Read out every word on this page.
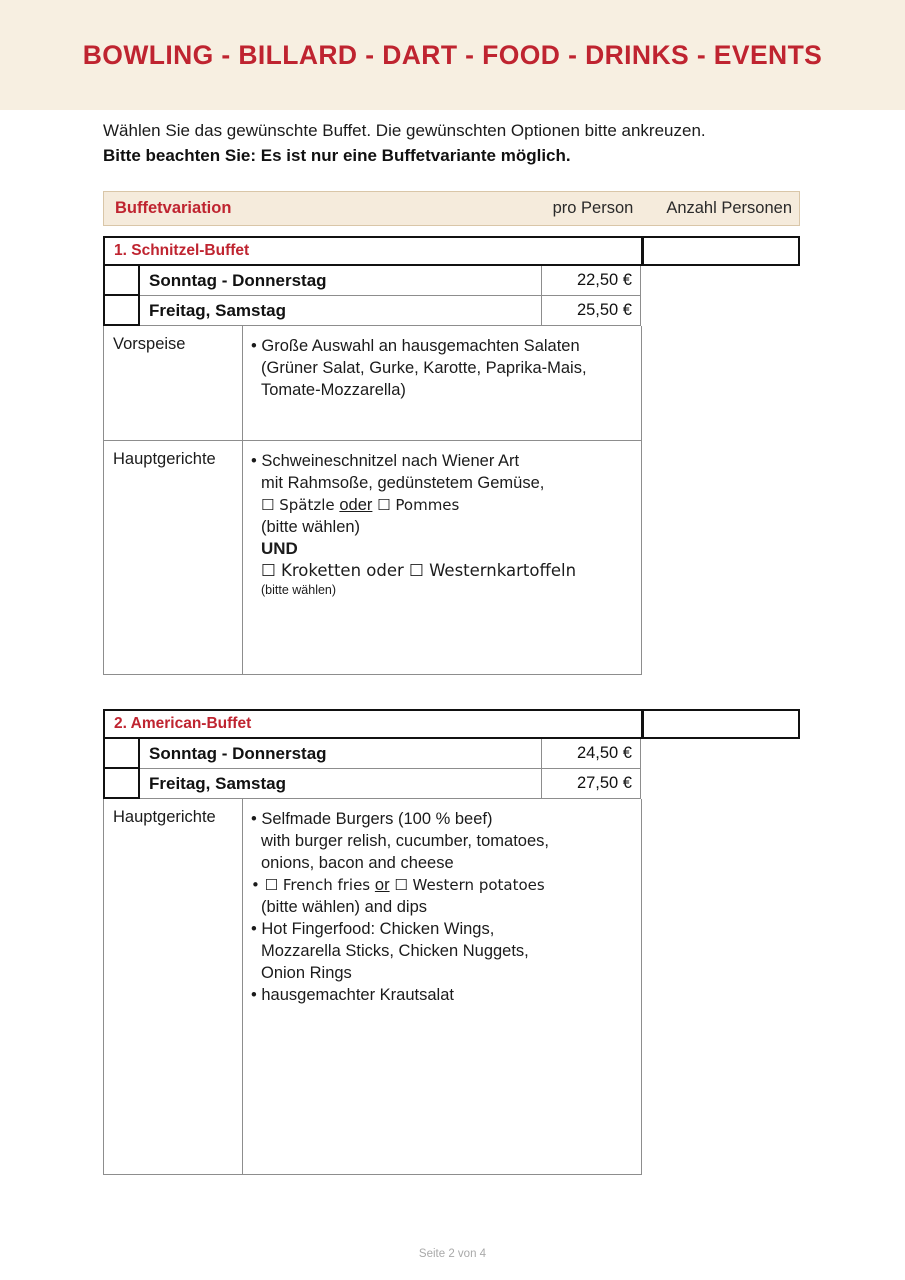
BOWLING - BILLARD - DART - FOOD - DRINKS - EVENTS
Wählen Sie das gewünschte Buffet. Die gewünschten Optionen bitte ankreuzen.
Bitte beachten Sie: Es ist nur eine Buffetvariante möglich.
Buffetvariation	pro Person Anzahl Personen
1. Schnitzel-Buffet
Sonntag - Donnerstag	22,50 €
Freitag, Samstag	25,50 €
Vorspeise	• Große Auswahl an hausgemachten Salaten
(Grüner Salat, Gurke, Karotte, Paprika-Mais,
Tomate-Mozzarella)
Hauptgerichte	• Schweineschnitzel nach Wiener Art
mit Rahmsoße, gedünstetem Gemüse,
☐ Spätzle oder ☐ Pommes
(bitte wählen)
UND
☐ Kroketten oder ☐ Westernkartoffeln
(bitte wählen)
2. American-Buffet
Sonntag - Donnerstag	24,50 €
Freitag, Samstag	27,50 €
Hauptgerichte	• Selfmade Burgers (100 % beef)
with burger relish, cucumber, tomatoes,
onions, bacon and cheese
• ☐ French fries or ☐ Western potatoes
(bitte wählen) and dips
• Hot Fingerfood: Chicken Wings,
Mozzarella Sticks, Chicken Nuggets,
Onion Rings
• hausgemachter Krautsalat
Seite 2 von 4
